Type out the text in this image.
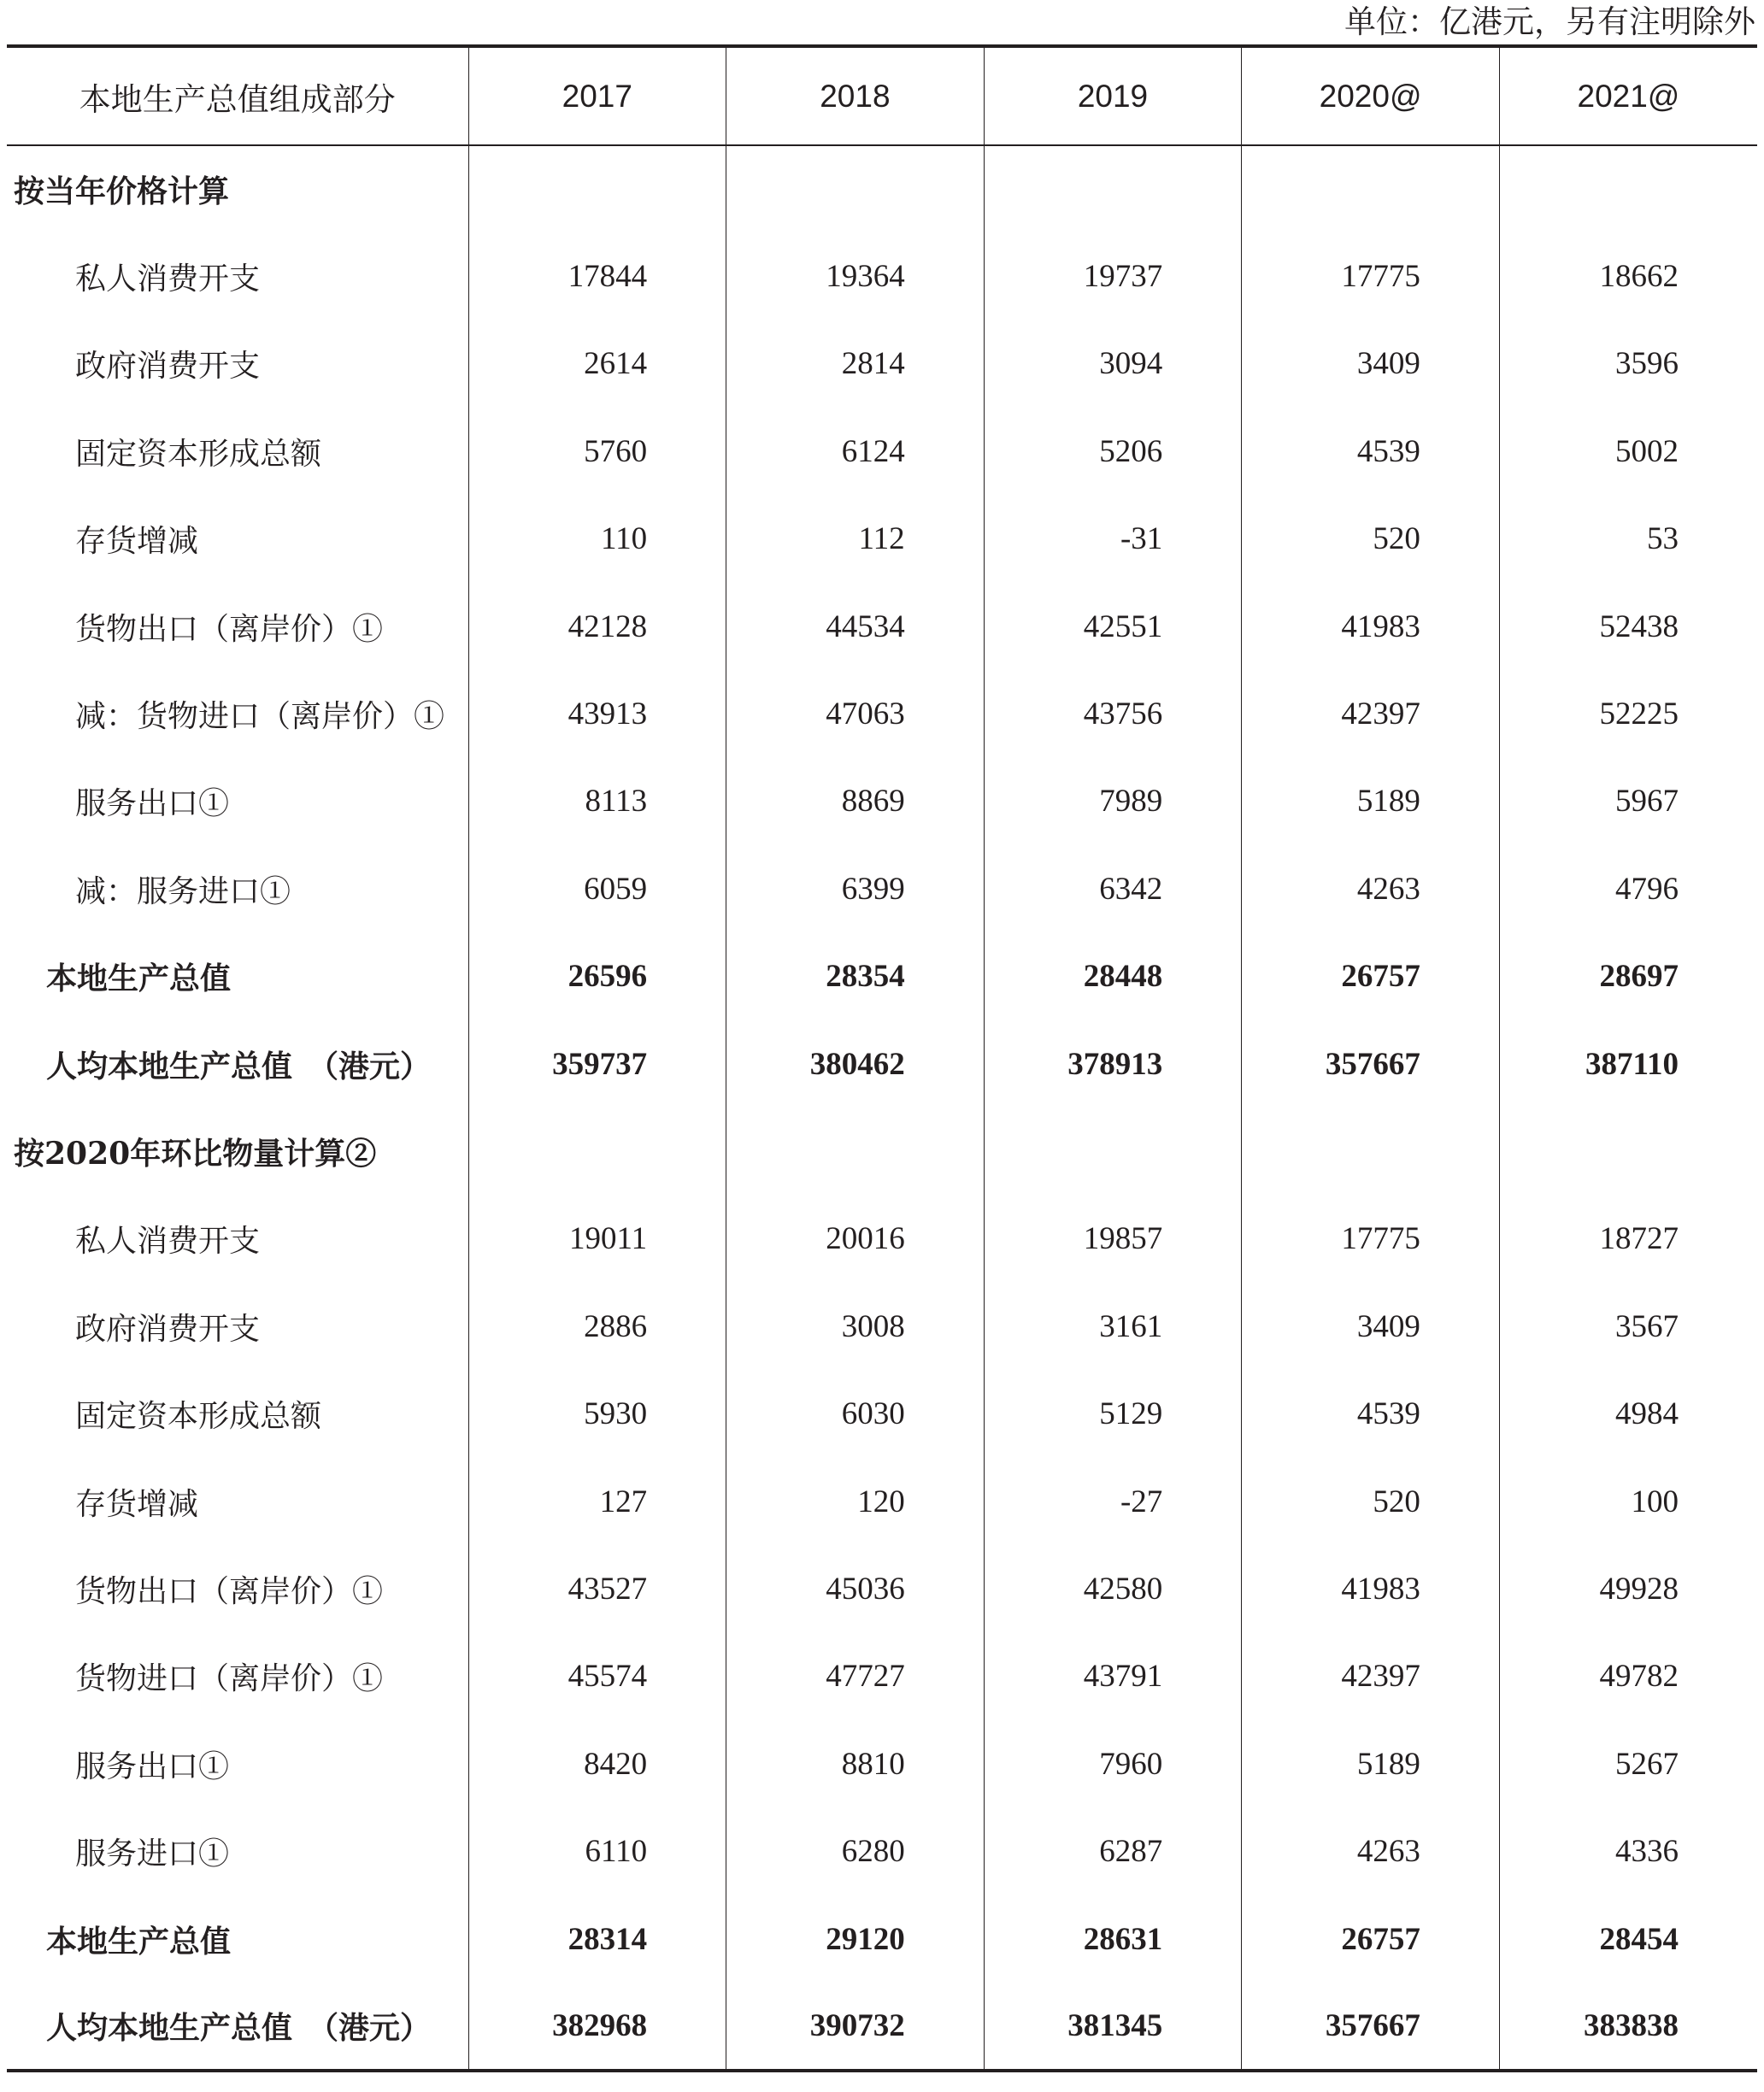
单位：亿港元，另有注明除外
本地生产总值组成部分	2017	2018	2019	2020@	2021@
按当年价格计算					
私人消费开支	17844	19364	19737	17775	18662
政府消费开支	2614	2814	3094	3409	3596
固定资本形成总额	5760	6124	5206	4539	5002
存货增减	110	112	-31	520	53
货物出口（离岸价）①	42128	44534	42551	41983	52438
减：货物进口（离岸价）①	43913	47063	43756	42397	52225
服务出口①	8113	8869	7989	5189	5967
减：服务进口①	6059	6399	6342	4263	4796
本地生产总值	26596	28354	28448	26757	28697
人均本地生产总值　（港元）	359737	380462	378913	357667	387110
按2020年环比物量计算②					
私人消费开支	19011	20016	19857	17775	18727
政府消费开支	2886	3008	3161	3409	3567
固定资本形成总额	5930	6030	5129	4539	4984
存货增减	127	120	-27	520	100
货物出口（离岸价）①	43527	45036	42580	41983	49928
货物进口（离岸价）①	45574	47727	43791	42397	49782
服务出口①	8420	8810	7960	5189	5267
服务进口①	6110	6280	6287	4263	4336
本地生产总值	28314	29120	28631	26757	28454
人均本地生产总值　（港元）	382968	390732	381345	357667	383838
